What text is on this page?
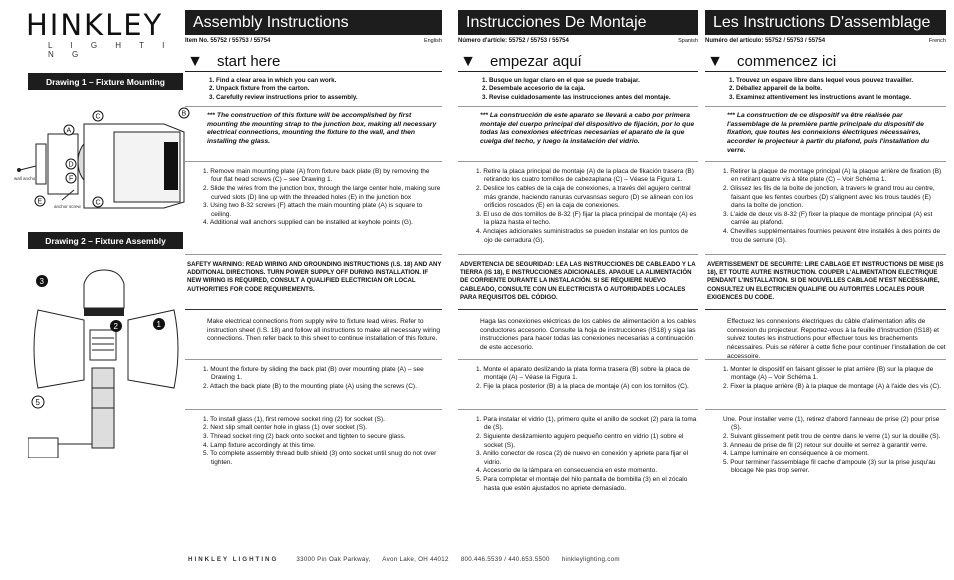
HINKLEY
L I G H T I N G
Drawing 1 – Fixture Mounting
A
B
C
C
D
E
F
wall anchor
anchor screw
Drawing 2 – Fixture Assembly
3
1
2
5
Assembly Instructions
Item No. 55752 / 55753 / 55754	English
▼ start here
1. Find a clear area in which you can work.
2. Unpack fixture from the carton.
3. Carefully review instructions prior to assembly.
*** The construction of this fixture will be accomplished by first mounting the mounting strap to the junction box, making all necessary electrical connections, mounting the fixture to the wall, and then installing the glass.
1. Remove main mounting plate (A) from fixture back plate (B) by removing the four flat head screws (C) – see Drawing 1.
2. Slide the wires from the junction box, through the large center hole, making sure curved slots (D) line up with the threaded holes (E) in the junction box
3. Using two 8-32 screws (F) attach the main mounting plate (A) is square to ceiling.
4. Additional wall anchors supplied can be installed at keyhole points (G).
SAFETY WARNING: READ WIRING AND GROUNDING INSTRUCTIONS (I.S. 18) AND ANY ADDITIONAL DIRECTIONS. TURN POWER SUPPLY OFF DURING INSTALLATION. IF NEW WIRING IS REQUIRED, CONSULT A QUALIFIED ELECTRICIAN OR LOCAL AUTHORITIES FOR CODE REQUIREMENTS.
Make electrical connections from supply wire to fixture lead wires. Refer to instruction sheet (I.S. 18) and follow all instructions to make all necessary wiring connections. Then refer back to this sheet to continue installation of this fixture.
1. Mount the fixture by sliding the back plat (B) over mounting plate (A) – see Drawing 1.
2. Attach the back plate (B) to the mounting plate (A) using the screws (C).
1. To install glass (1), first remove socket ring (2) for socket (S).
2. Next slip small center hole in glass (1) over socket (S).
3. Thread socket ring (2) back onto socket and tighten to secure glass.
4. Lamp fixture accordingly at this time.
5. To complete assembly thread bulb shield (3) onto socket until snug do not over tighten.
Instrucciones De Montaje
Número d'artícle: 55752 / 55753 / 55754	Spanish
▼ empezar aquí
1. Busque un lugar claro en el que se puede trabajar.
2. Desembale accesorio de la caja.
3. Revise cuidadosamente las instrucciones antes del montaje.
*** La construcción de este aparato se llevará a cabo por primera montaje del cuerpo principal del dispositivo de fijación, por lo que todas las conexiones eléctricas necesarias el aparato de la que cuelga del techo, y luego la instalación del vidrio.
1. Retire la placa principal de montaje (A) de la placa de fikación trasera (B) retirando los cuatro tornillos de cabezaplana (C) – Véase la Figura 1.
2. Deslice los cables de la caja de conexiones, a través del agujero central más grande, haciendo ranuras curvasnsas seguro (D) se alinean con los orificios roscados (E) en la caja de conexiones.
3. El uso de dos tornillos de 8-32 (F) fijar la placa principal de montaje (A) es la plaza hasta el techo.
4. Anclajes adicionales suministrados se pueden instalar en los puntos de ojo de cerradura (G).
ADVERTENCIA DE SEGURIDAD: LEA LAS INSTRUCCIONES DE CABLEADO Y LA TIERRA (IS 18), E INSTRUCCIONES ADICIONALES. APAGUE LA ALIMENTACIÓN DE CORRIENTE DURANTE LA INSTALACIÓN. SI SE REQUIERE NUEVO CABLEADO, CONSULTE CON UN ELECTRICISTA O AUTORIDADES LOCALES PARA REQUISITOS DEL CÓDIGO.
Haga las conexiones eléctricas de los cables de alimentación a los cables conductores accesorio. Consulte la hoja de instrucciones (IS18) y siga las instrucciones para hacer todas las conexiones necesarias a continuación de este accesorio.
1. Monte el aparato deslizando la plata forma trasera (B) sobre la placa de montaje (A) – Véase la Figura 1.
2. Fije la placa posterior (B) a la placa de montaje (A) con los tornillos (C).
1. Para instalar el vidrio (1), primero quite el anillo de socket (2) para la toma de (S).
2. Siguiente deslizamiento agujero pequeño centro en vidrio (1) sobre el socket (S).
3. Anillo conector de rosca (2) de nuevo en conexión y apriete para fijar el vidrio.
4. Accesorio de la lámpara en consecuencia en este momento.
5. Para completar el montaje del hilo pantalla de bombilla (3) en el zócalo hasta que estén ajustados no apriete demasiado.
Les Instructions D'assemblage
Numéro del artículo: 55752 / 55753 / 55754	French
▼ commencez ici
1. Trouvez un espave libre dans lequel vous pouvez travailler.
2. Déballez appareil de la boîte.
3. Examinez attentivement les instructions avant le montage.
*** La construction de ce dispositif va être réalisée par l'assemblage de la première partie principale du dispositif de fixation, que toutes les connexions électriques nécessaires, accorder le projecteur à partir du plafond, puis l'installation du verre.
1. Retirer la plaque de montage principal (A) la plaque arrière de fixation (B) en retirant quatre vis à tête plate (C) – Voir Schéma 1.
2. Glissez les fils de la boîte de jonction, à travers le grand trou au centre, faisant que les fentes courbes (D) s'alignent avec les trous taudés (E) dans la boîte de jonction.
3. L'aide de deux vis 8-32 (F) fixer la plaque de montage principal (A) est carrée au plafond.
4. Chevilles supplémentaires fournies peuvent être installés à des points de trou de serrure (G).
AVERTISSEMENT DE SECURITE: LIRE CABLAGE ET INSTRUCTIONS DE MISE (IS 18), ET TOUTE AUTRE INSTRUCTION. COUPER L'ALIMENTATION ELECTRIQUE PENDANT L'INSTALLATION. SI DE NOUVELLES CABLAGE N'EST NECESSAIRE, CONSULTEZ UN ELECTRICIEN QUALIFIE OU AUTORITES LOCALES POUR EXIGENCES DU CODE.
Effectuez les connexions électriques du câble d'alimentation afils de connexion du projecteur. Reportez-vous à la feuille d'instruction (IS18) et suivez toutes les instructions pour effectuer tous les brachements nécessaires. Puis se référer à cette fiche pour continuer l'installation de cet accessoire.
1. Monter le dispositif en faisant glisser le plat arrière (B) sur la plaque de montage (A) – Voir Schéma 1.
2. Fixer la plaque arrière (B) à la plaque de montage (A) à l'aide des vis (C).
Une. Pour installer verre (1), retirez d'abord l'anneau de prise (2) pour prise (S).
2. Suivant glissement petit trou de centre dans le verre (1) sur la douille (S).
3. Anneau de prise de fil (2) retour sur douille et serrez à garantir verre.
4. Lampe luminaire en conséquence à ce moment.
5. Pour terminer l'assemblage fil cache d'ampoule (3) sur la prise jusqu'au blocage Ne pas trop serrer.
HINKLEY LIGHTING	33000 Pin Oak Parkway, Avon Lake, OH 44012 800.446.5539 / 440.653.5500 hinkleylighting.com
